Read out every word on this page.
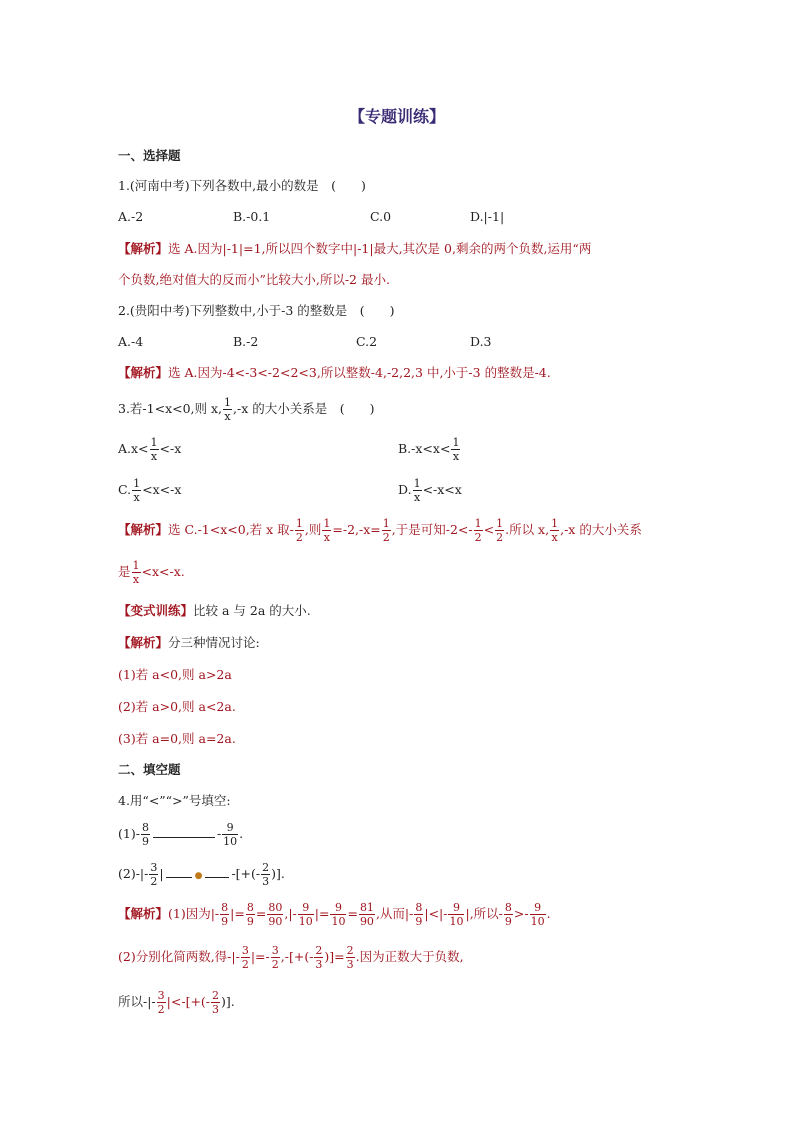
【专题训练】
一、选择题
1.(河南中考)下列各数中,最小的数是　(　　)
A.-2	B.-0.1	C.0	D.|-1|
【解析】选 A.因为|-1|=1,所以四个数字中|-1|最大,其次是 0,剩余的两个负数,运用“两
个负数,绝对值大的反而小”比较大小,所以-2 最小.
2.(贵阳中考)下列整数中,小于-3 的整数是　(　　)
A.-4	B.-2	C.2	D.3
【解析】选 A.因为-4<-3<-2<2<3,所以整数-4,-2,2,3 中,小于-3 的整数是-4.
3.若-1<x<0,则 x, $\frac{1}{x} ,-x$ 的大小关系是　(　　)
$A.x< \frac{1}{x} <-x$	$B.-x<x< \frac{1}{x}$
C. $\frac{1}{x} <x<-x$	D. $\frac{1}{x} <-x<x$
【解析】选 C.-1<x<0,若 x 取- $\frac{1}{2}$ ,则 $\frac{1}{x} =-2,-x= \frac{1}{2}$ ,于是可知$-2<- \frac{1}{2} < \frac{1}{2}$ .所以 x, $\frac{1}{x} ,-x$ 的大小关系
是 $\frac{1}{x} <x<-x$.
【变式训练】比较 a 与 2a 的大小.
【解析】分三种情况讨论:
(1)若 a<0,则 a>2a
(2)若 a>0,则 a<2a.
(3)若 a=0,则 a=2a.
二、填空题
4.用“<”“>”号填空:
$(1)- \frac{8}{9}$	- $\frac{9}{10}$ .
$(2)-|- \frac{3}{2}$ |	● -[+(- $\frac{2}{3}$ )].
【解析】(1)因为|- $\frac{8}{9}$ |= $\frac{8}{9} = \frac{80}{90}$ ,|- $\frac{9}{10}$ |= $\frac{9}{10} = \frac{81}{90}$ ,从而|- $\frac{8}{9}$ |<|- $\frac{9}{10}$ |,所以- $\frac{8}{9} >- \frac{9}{10}$ .
(2)分别化简两数,得-|- $\frac{3}{2}$ |=- $\frac{3}{2}$ ,-[+(- $\frac{2}{3}$ )]= $\frac{2}{3}$ .因为正数大于负数,
所以-|- $\frac{3}{2}$ |<-[+(- $\frac{2}{3}$ )].
